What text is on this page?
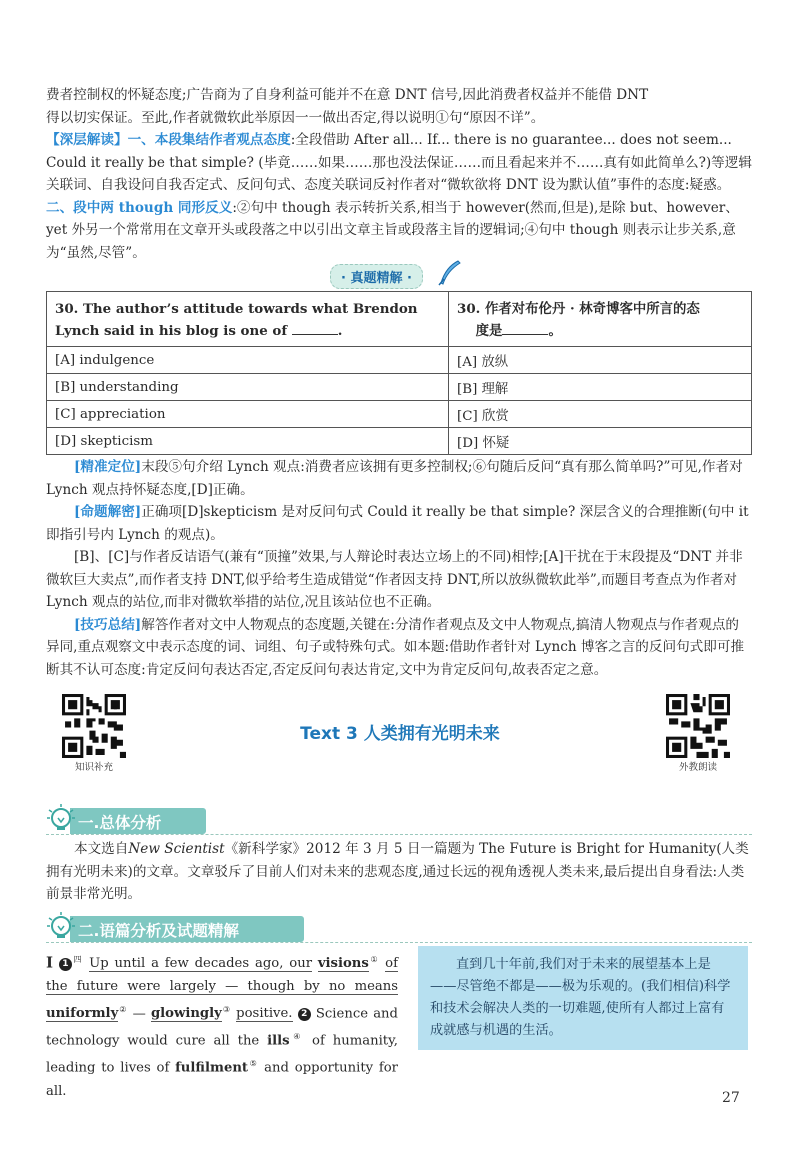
费者控制权的怀疑态度;广告商为了自身利益可能并不在意 DNT 信号,因此消费者权益并不能借 DNT

得以切实保证。至此,作者就微软此举原因一一做出否定,得以说明①句“原因不详”。

【深层解读】一、本段集结作者观点态度:全段借助 After all... If... there is no guarantee... does not seem... Could it really be that simple? (毕竟……如果……那也没法保证……而且看起来并不……真有如此简单么?)等逻辑关联词、自我设问自我否定式、反问句式、态度关联词反衬作者对“微软欲将 DNT 设为默认值”事件的态度:疑惑。二、段中两 though 同形反义:②句中 though 表示转折关系,相当于 however(然而,但是),是除 but、however、yet 外另一个常常用在文章开头或段落之中以引出文章主旨或段落主旨的逻辑词;④句中 though 则表示让步关系,意为“虽然,尽管”。

· 真题精解 ·
30. The author’s attitude towards what Brendon Lynch said in his blog is one of .	30. 作者对布伦丹 · 林奇博客中所言的态
度是 。
[A] indulgence	[A] 放纵
[B] understanding	[B] 理解
[C] appreciation	[C] 欣赏
[D] skepticism	[D] 怀疑

[精准定位]末段⑤句介绍 Lynch 观点:消费者应该拥有更多控制权;⑥句随后反问“真有那么简单吗?”可见,作者对 Lynch 观点持怀疑态度,[D]正确。

[命题解密]正确项[D]skepticism 是对反问句式 Could it really be that simple? 深层含义的合理推断(句中 it 即指引号内 Lynch 的观点)。

[B]、[C]与作者反诘语气(兼有“顶撞”效果,与人辩论时表达立场上的不同)相悖;[A]干扰在于末段提及“DNT 并非微软巨大卖点”,而作者支持 DNT,似乎给考生造成错觉“作者因支持 DNT,所以放纵微软此举”,而题目考查点为作者对 Lynch 观点的站位,而非对微软举措的站位,况且该站位也不正确。

[技巧总结]解答作者对文中人物观点的态度题,关键在:分清作者观点及文中人物观点,搞清人物观点与作者观点的异同,重点观察文中表示态度的词、词组、句子或特殊句式。如本题:借助作者针对 Lynch 博客之言的反问句式即可推断其不认可态度:肯定反问句表达否定,否定反问句表达肯定,文中为肯定反问句,故表否定之意。

知识补充
Text 3 人类拥有光明未来
外教朗读
一.总体分析

本文选自New Scientist《新科学家》2012 年 3 月 5 日一篇题为 The Future is Bright for Humanity(人类拥有光明未来)的文章。文章驳斥了目前人们对未来的悲观态度,通过长远的视角透视人类未来,最后提出自身看法:人类前景非常光明。

二.语篇分析及试题精解
I 1 $^四$ Up until a few decades ago, our visions① of the future were largely — though by no means uniformly② — glowingly③ positive. 2 Science and technology would cure all the ills④ of humanity, leading to lives of fulfilment⑤ and opportunity for all.
直到几十年前,我们对于未来的展望基本上是——尽管绝不都是——极为乐观的。(我们相信)科学和技术会解决人类的一切难题,使所有人都过上富有成就感与机遇的生活。
27
